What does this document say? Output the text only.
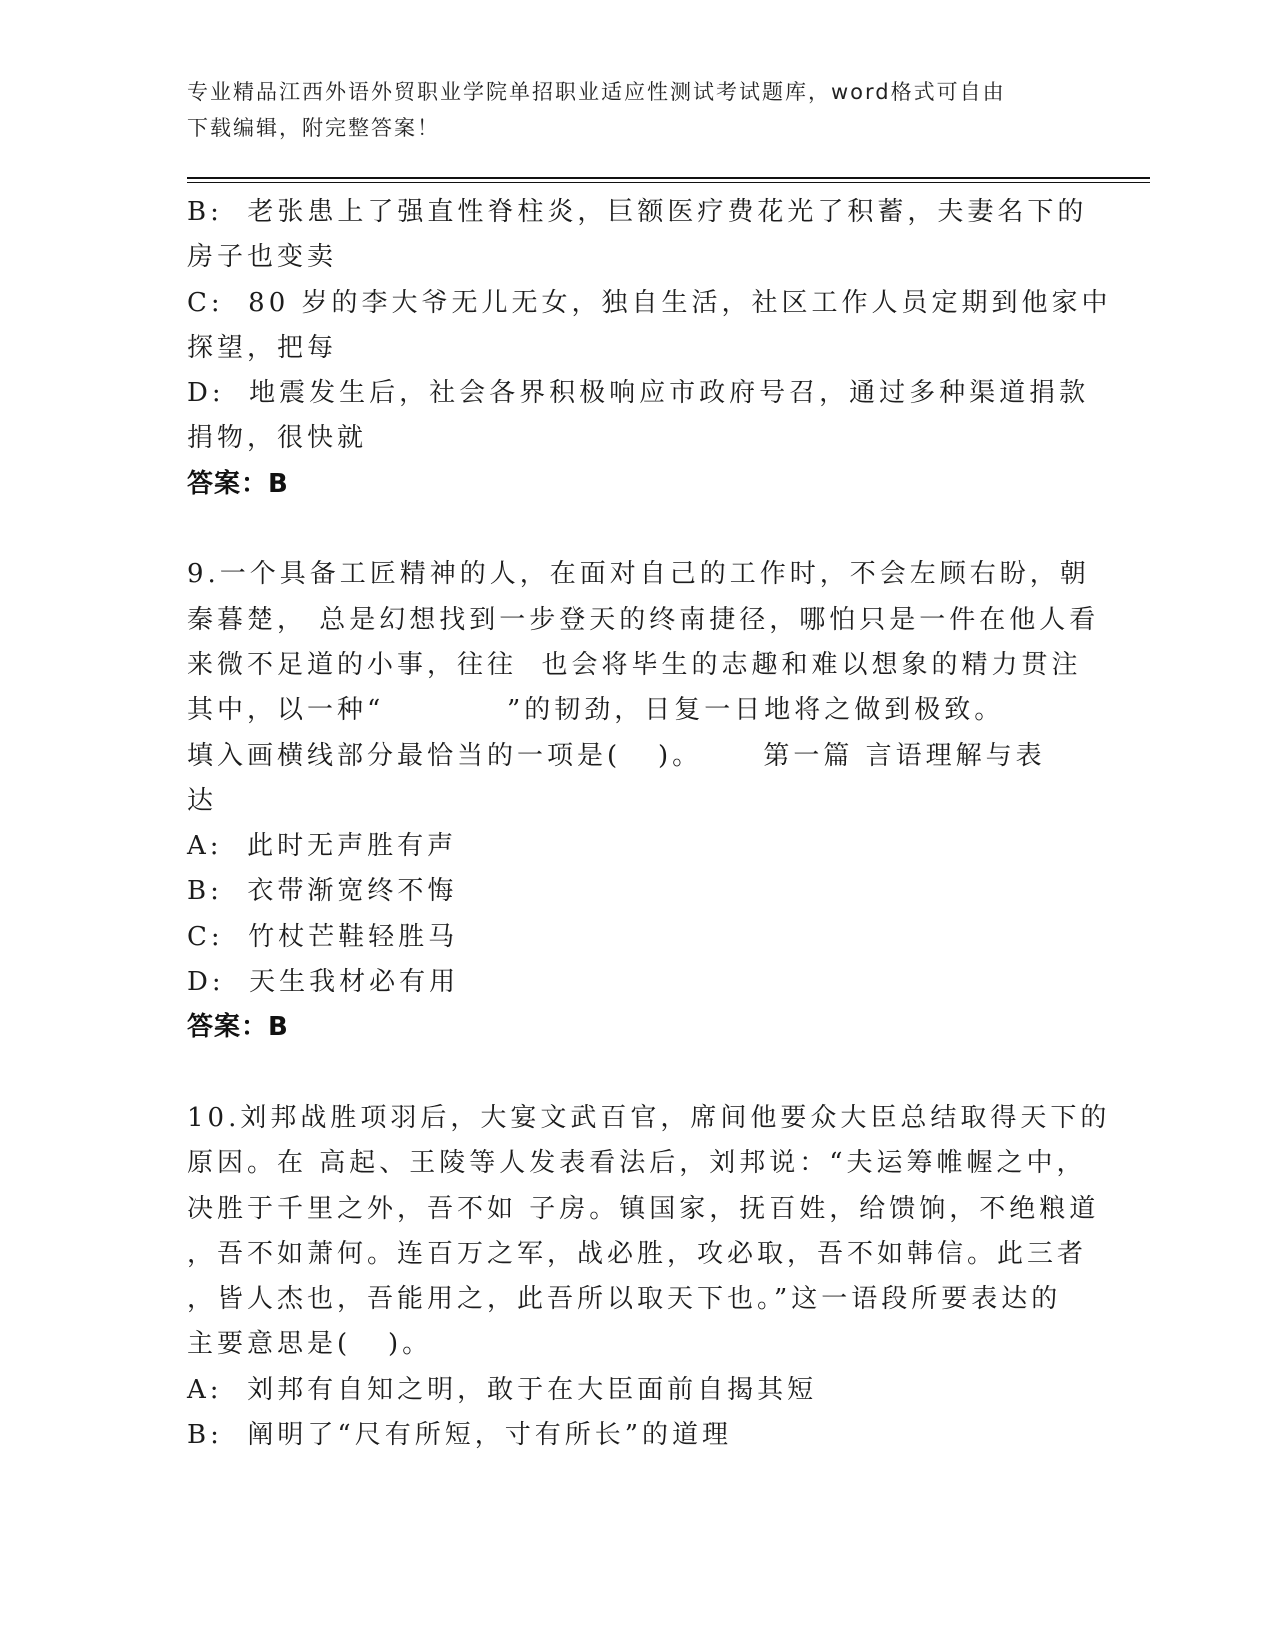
专业精品江西外语外贸职业学院单招职业适应性测试考试题库，word格式可自由
下载编辑，附完整答案！
B:  老张患上了强直性脊柱炎，巨额医疗费花光了积蓄，夫妻名下的
房子也变卖
C:  80 岁的李大爷无儿无女，独自生活，社区工作人员定期到他家中
探望，把每
D:  地震发生后，社会各界积极响应市政府号召，通过多种渠道捐款
捐物，很快就
答案：B
9.一个具备工匠精神的人，在面对自己的工作时，不会左顾右盼，朝
秦暮楚， 总是幻想找到一步登天的终南捷径，哪怕只是一件在他人看
来微不足道的小事，往往  也会将毕生的志趣和难以想象的精力贯注
其中，以一种“          ”的韧劲，日复一日地将之做到极致。
填入画横线部分最恰当的一项是(   )。     第一篇 言语理解与表
达
A:  此时无声胜有声
B:  衣带渐宽终不悔
C:  竹杖芒鞋轻胜马
D:  天生我材必有用
答案：B
10.刘邦战胜项羽后，大宴文武百官，席间他要众大臣总结取得天下的
原因。在 高起、王陵等人发表看法后，刘邦说：“夫运筹帷幄之中，
决胜于千里之外，吾不如 子房。镇国家，抚百姓，给馈饷，不绝粮道
，吾不如萧何。连百万之军，战必胜，攻必取，吾不如韩信。此三者
，皆人杰也，吾能用之，此吾所以取天下也。”这一语段所要表达的
主要意思是(   )。
A:  刘邦有自知之明，敢于在大臣面前自揭其短
B:  阐明了“尺有所短，寸有所长”的道理
